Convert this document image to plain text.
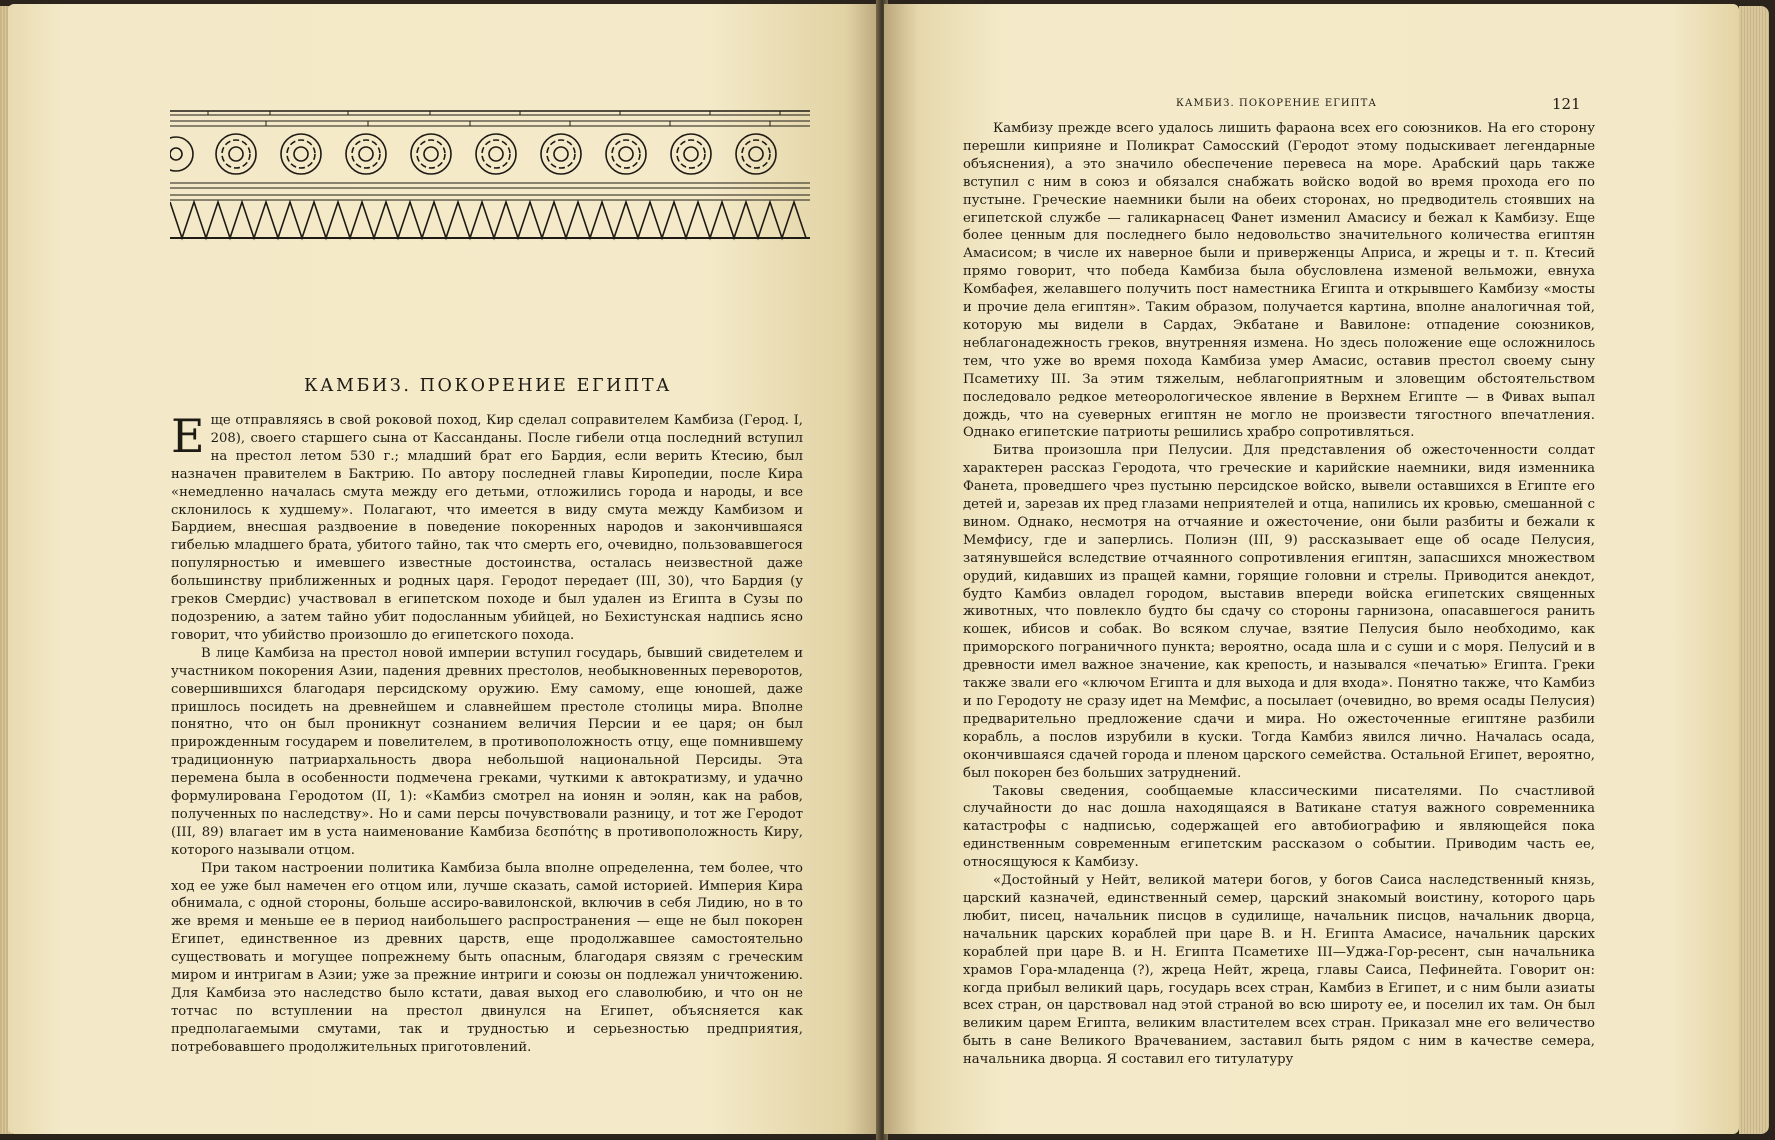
КАМБИЗ. ПОКОРЕНИЕ ЕГИПТА

Еще отправляясь в свой роковой поход, Кир сделал соправителем Камбиза (Герод. I, 208), своего старшего сына от Кассанданы. После гибели отца последний вступил на престол летом 530 г.; младший брат его Бардия, если верить Ктесию, был назначен правителем в Бактрию. По автору последней главы Киропедии, после Кира «немедленно началась смута между его детьми, отложились города и народы, и все склонилось к худшему». Полагают, что имеется в виду смута между Камбизом и Бардием, внесшая раздвоение в поведение покоренных народов и закончившаяся гибелью младшего брата, убитого тайно, так что смерть его, очевидно, пользовавшегося популярностью и имевшего известные достоинства, осталась неизвестной даже большинству приближенных и родных царя. Геродот передает (III, 30), что Бардия (у греков Смердис) участвовал в египетском походе и был удален из Египта в Сузы по подозрению, а затем тайно убит подосланным убийцей, но Бехистунская надпись ясно говорит, что убийство произошло до египетского похода.

В лице Камбиза на престол новой империи вступил государь, бывший свидетелем и участником покорения Азии, падения древних престолов, необыкновенных переворотов, совершившихся благодаря персидскому оружию. Ему самому, еще юношей, даже пришлось посидеть на древнейшем и славнейшем престоле столицы мира. Вполне понятно, что он был проникнут сознанием величия Персии и ее царя; он был прирожденным государем и повелителем, в противоположность отцу, еще помнившему традиционную патриархальность двора небольшой национальной Персиды. Эта перемена была в особенности подмечена греками, чуткими к автократизму, и удачно формулирована Геродотом (II, 1): «Камбиз смотрел на ионян и эолян, как на рабов, полученных по наследству». Но и сами персы почувствовали разницу, и тот же Геродот (III, 89) влагает им в уста наименование Камбиза δεσπότης в противоположность Киру, которого называли отцом.

При таком настроении политика Камбиза была вполне определенна, тем более, что ход ее уже был намечен его отцом или, лучше сказать, самой историей. Империя Кира обнимала, с одной стороны, больше ассиро-вавилонской, включив в себя Лидию, но в то же время и меньше ее в период наибольшего распространения — еще не был покорен Египет, единственное из древних царств, еще продолжавшее самостоятельно существовать и могущее попрежнему быть опасным, благодаря связям с греческим миром и интригам в Азии; уже за прежние интриги и союзы он подлежал уничтожению. Для Камбиза это наследство было кстати, давая выход его славолюбию, и что он не тотчас по вступлении на престол двинулся на Египет, объясняется как предполагаемыми смутами, так и трудностью и серьезностью предприятия, потребовавшего продолжительных приготовлений.

КАМБИЗ. ПОКОРЕНИЕ ЕГИПТА	121

Камбизу прежде всего удалось лишить фараона всех его союзников. На его сторону перешли киприяне и Поликрат Самосский (Геродот этому подыскивает легендарные объяснения), а это значило обеспечение перевеса на море. Арабский царь также вступил с ним в союз и обязался снабжать войско водой во время прохода его по пустыне. Греческие наемники были на обеих сторонах, но предводитель стоявших на египетской службе — галикарнасец Фанет изменил Амасису и бежал к Камбизу. Еще более ценным для последнего было недовольство значительного количества египтян Амасисом; в числе их наверное были и приверженцы Априса, и жрецы и т. п. Ктесий прямо говорит, что победа Камбиза была обусловлена изменой вельможи, евнуха Комбафея, желавшего получить пост наместника Египта и открывшего Камбизу «мосты и прочие дела египтян». Таким образом, получается картина, вполне аналогичная той, которую мы видели в Сардах, Экбатане и Вавилоне: отпадение союзников, неблагонадежность греков, внутренняя измена. Но здесь положение еще осложнилось тем, что уже во время похода Камбиза умер Амасис, оставив престол своему сыну Псаметиху III. За этим тяжелым, неблагоприятным и зловещим обстоятельством последовало редкое метеорологическое явление в Верхнем Египте — в Фивах выпал дождь, что на суеверных египтян не могло не произвести тягостного впечатления. Однако египетские патриоты решились храбро сопротивляться.

Битва произошла при Пелусии. Для представления об ожесточенности солдат характерен рассказ Геродота, что греческие и карийские наемники, видя изменника Фанета, проведшего чрез пустыню персидское войско, вывели оставшихся в Египте его детей и, зарезав их пред глазами неприятелей и отца, напились их кровью, смешанной с вином. Однако, несмотря на отчаяние и ожесточение, они были разбиты и бежали к Мемфису, где и заперлись. Полиэн (III, 9) рассказывает еще об осаде Пелусия, затянувшейся вследствие отчаянного сопротивления египтян, запасшихся множеством орудий, кидавших из пращей камни, горящие головни и стрелы. Приводится анекдот, будто Камбиз овладел городом, выставив впереди войска египетских священных животных, что повлекло будто бы сдачу со стороны гарнизона, опасавшегося ранить кошек, ибисов и собак. Во всяком случае, взятие Пелусия было необходимо, как приморского пограничного пункта; вероятно, осада шла и с суши и с моря. Пелусий и в древности имел важное значение, как крепость, и назывался «печатью» Египта. Греки также звали его «ключом Египта и для выхода и для входа». Понятно также, что Камбиз и по Геродоту не сразу идет на Мемфис, а посылает (очевидно, во время осады Пелусия) предварительно предложение сдачи и мира. Но ожесточенные египтяне разбили корабль, а послов изрубили в куски. Тогда Камбиз явился лично. Началась осада, окончившаяся сдачей города и пленом царского семейства. Остальной Египет, вероятно, был покорен без больших затруднений.

Таковы сведения, сообщаемые классическими писателями. По счастливой случайности до нас дошла находящаяся в Ватикане статуя важного современника катастрофы с надписью, содержащей его автобиографию и являющейся пока единственным современным египетским рассказом о событии. Приводим часть ее, относящуюся к Камбизу.

«Достойный у Нейт, великой матери богов, у богов Саиса наследственный князь, царский казначей, единственный семер, царский знакомый воистину, которого царь любит, писец, начальник писцов в судилище, начальник писцов, начальник дворца, начальник царских кораблей при царе В. и Н. Египта Амасисе, начальник царских кораблей при царе В. и Н. Египта Псаметихе III—Уджа-Гор-ресент, сын начальника храмов Гора-младенца (?), жреца Нейт, жреца, главы Саиса, Пефинейта. Говорит он: когда прибыл великий царь, государь всех стран, Камбиз в Египет, и с ним были азиаты всех стран, он царствовал над этой страной во всю широту ее, и поселил их там. Он был великим царем Египта, великим властителем всех стран. Приказал мне его величество быть в сане Великого Врачеванием, заставил быть рядом с ним в качестве семера, начальника дворца. Я составил его титулатуру
